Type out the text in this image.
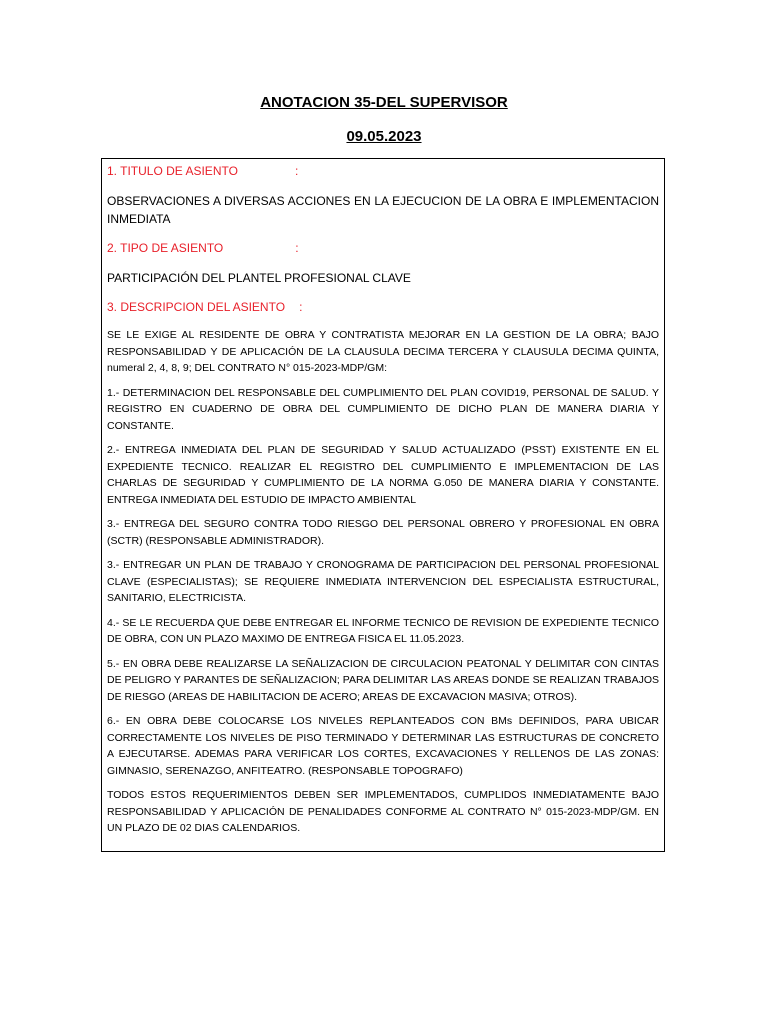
ANOTACION 35-DEL SUPERVISOR
09.05.2023

1. TITULO DE ASIENTO	:

OBSERVACIONES A DIVERSAS ACCIONES EN LA EJECUCION DE LA OBRA E IMPLEMENTACION INMEDIATA

2. TIPO DE ASIENTO	:

PARTICIPACIÓN DEL PLANTEL PROFESIONAL CLAVE

3. DESCRIPCION DEL ASIENTO :

SE LE EXIGE AL RESIDENTE DE OBRA Y CONTRATISTA MEJORAR EN LA GESTION DE LA OBRA; BAJO RESPONSABILIDAD Y DE APLICACIÓN DE LA CLAUSULA DECIMA TERCERA Y CLAUSULA DECIMA QUINTA, numeral 2, 4, 8, 9; DEL CONTRATO N° 015-2023-MDP/GM:

1.- DETERMINACION DEL RESPONSABLE DEL CUMPLIMIENTO DEL PLAN COVID19, PERSONAL DE SALUD. Y REGISTRO EN CUADERNO DE OBRA DEL CUMPLIMIENTO DE DICHO PLAN DE MANERA DIARIA Y CONSTANTE.

2.- ENTREGA INMEDIATA DEL PLAN DE SEGURIDAD Y SALUD ACTUALIZADO (PSST) EXISTENTE EN EL EXPEDIENTE TECNICO. REALIZAR EL REGISTRO DEL CUMPLIMIENTO E IMPLEMENTACION DE LAS CHARLAS DE SEGURIDAD Y CUMPLIMIENTO DE LA NORMA G.050 DE MANERA DIARIA Y CONSTANTE. ENTREGA INMEDIATA DEL ESTUDIO DE IMPACTO AMBIENTAL

3.- ENTREGA DEL SEGURO CONTRA TODO RIESGO DEL PERSONAL OBRERO Y PROFESIONAL EN OBRA (SCTR) (RESPONSABLE ADMINISTRADOR).

3.- ENTREGAR UN PLAN DE TRABAJO Y CRONOGRAMA DE PARTICIPACION DEL PERSONAL PROFESIONAL CLAVE (ESPECIALISTAS); SE REQUIERE INMEDIATA INTERVENCION DEL ESPECIALISTA ESTRUCTURAL, SANITARIO, ELECTRICISTA.

4.- SE LE RECUERDA QUE DEBE ENTREGAR EL INFORME TECNICO DE REVISION DE EXPEDIENTE TECNICO DE OBRA, CON UN PLAZO MAXIMO DE ENTREGA FISICA EL 11.05.2023.

5.- EN OBRA DEBE REALIZARSE LA SEÑALIZACION DE CIRCULACION PEATONAL Y DELIMITAR CON CINTAS DE PELIGRO Y PARANTES DE SEÑALIZACION; PARA DELIMITAR LAS AREAS DONDE SE REALIZAN TRABAJOS DE RIESGO (AREAS DE HABILITACION DE ACERO; AREAS DE EXCAVACION MASIVA; OTROS).

6.- EN OBRA DEBE COLOCARSE LOS NIVELES REPLANTEADOS CON BMs DEFINIDOS, PARA UBICAR CORRECTAMENTE LOS NIVELES DE PISO TERMINADO Y DETERMINAR LAS ESTRUCTURAS DE CONCRETO A EJECUTARSE. ADEMAS PARA VERIFICAR LOS CORTES, EXCAVACIONES Y RELLENOS DE LAS ZONAS: GIMNASIO, SERENAZGO, ANFITEATRO. (RESPONSABLE TOPOGRAFO)

TODOS ESTOS REQUERIMIENTOS DEBEN SER IMPLEMENTADOS, CUMPLIDOS INMEDIATAMENTE BAJO RESPONSABILIDAD Y APLICACIÓN DE PENALIDADES CONFORME AL CONTRATO N° 015-2023-MDP/GM. EN UN PLAZO DE 02 DIAS CALENDARIOS.
